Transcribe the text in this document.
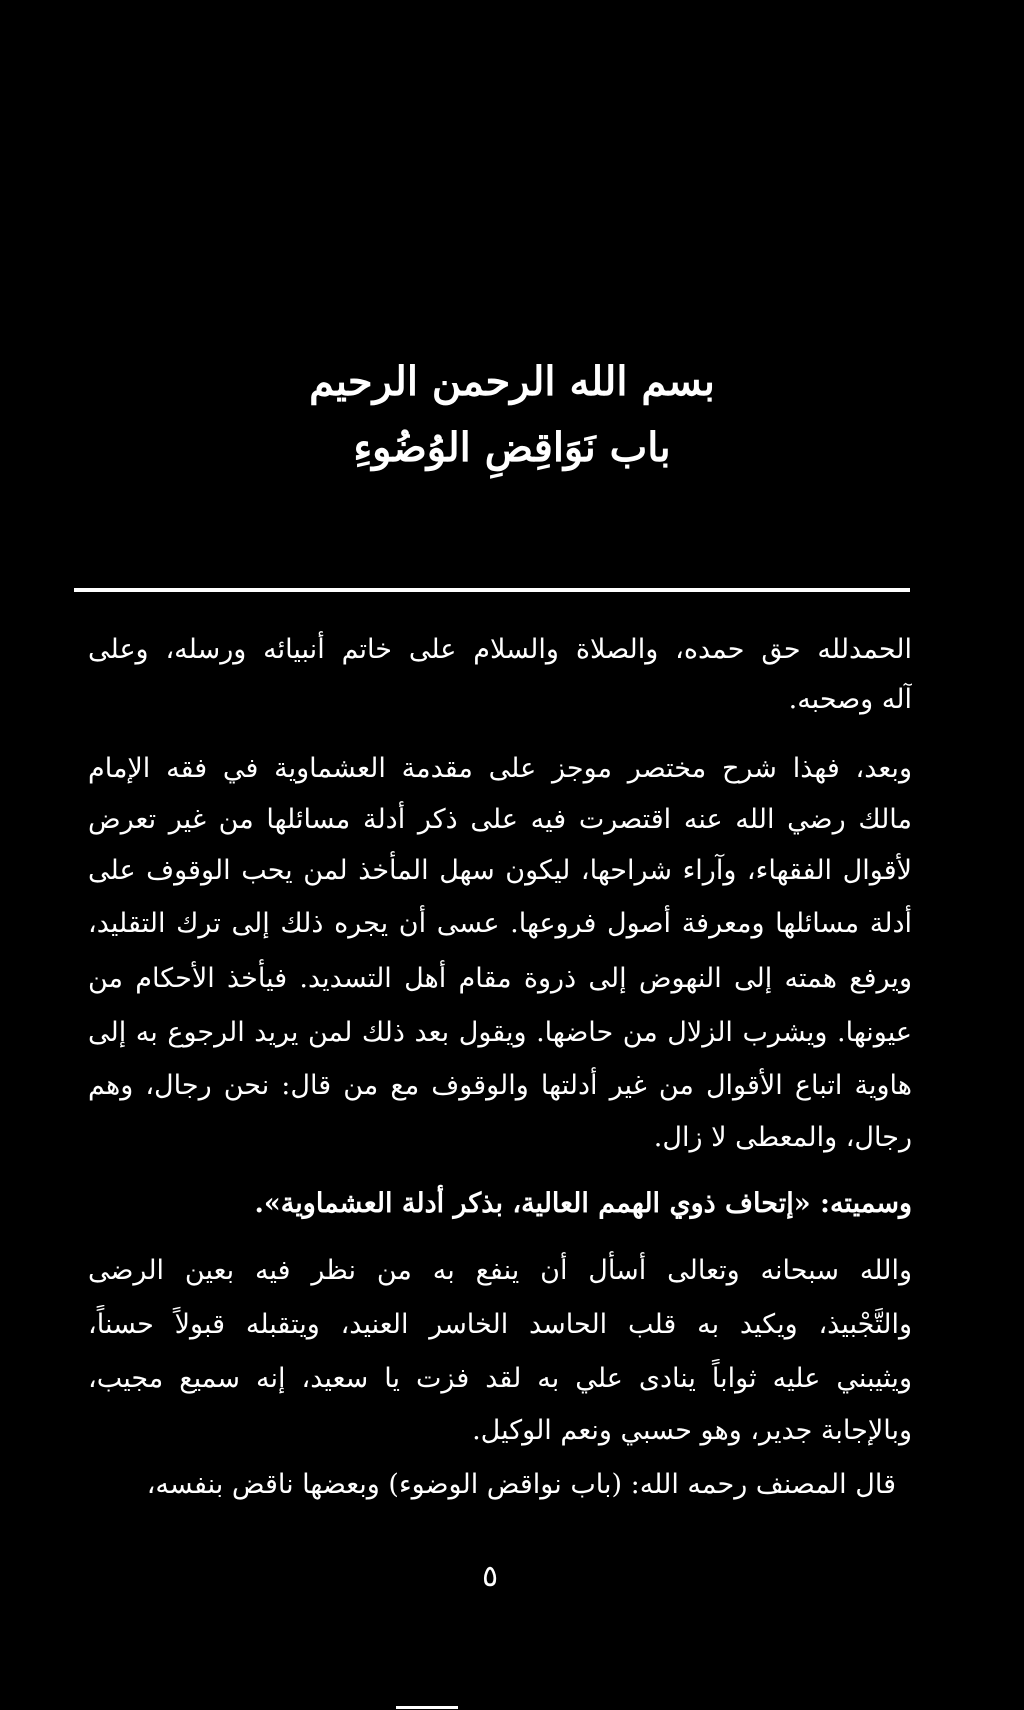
بسم الله الرحمن الرحيم
باب نَوَاقِضِ الوُضُوءِ
الحمدلله حق حمده، والصلاة والسلام على خاتم أنبيائه ورسله، وعلى
آله وصحبه.
وبعد، فهذا شرح مختصر موجز على مقدمة العشماوية في فقه الإمام
مالك رضي الله عنه اقتصرت فيه على ذكر أدلة مسائلها من غير تعرض
لأقوال الفقهاء، وآراء شراحها، ليكون سهل المأخذ لمن يحب الوقوف على
أدلة مسائلها ومعرفة أصول فروعها. عسى أن يجره ذلك إلى ترك التقليد،
ويرفع همته إلى النهوض إلى ذروة مقام أهل التسديد. فيأخذ الأحكام من
عيونها. ويشرب الزلال من حاضها. ويقول بعد ذلك لمن يريد الرجوع به إلى
هاوية اتباع الأقوال من غير أدلتها والوقوف مع من قال: نحن رجال، وهم
رجال، والمعطى لا زال.
وسميته: «إتحاف ذوي الهمم العالية، بذكر أدلة العشماوية».
والله سبحانه وتعالى أسأل أن ينفع به من نظر فيه بعين الرضى
والتَّجْبيذ، ويكيد به قلب الحاسد الخاسر العنيد، ويتقبله قبولاً حسناً،
ويثيبني عليه ثواباً ينادى علي به لقد فزت يا سعيد، إنه سميع مجيب،
وبالإجابة جدير، وهو حسبي ونعم الوكيل.
قال المصنف رحمه الله: (باب نواقض الوضوء) وبعضها ناقض بنفسه،
٥
